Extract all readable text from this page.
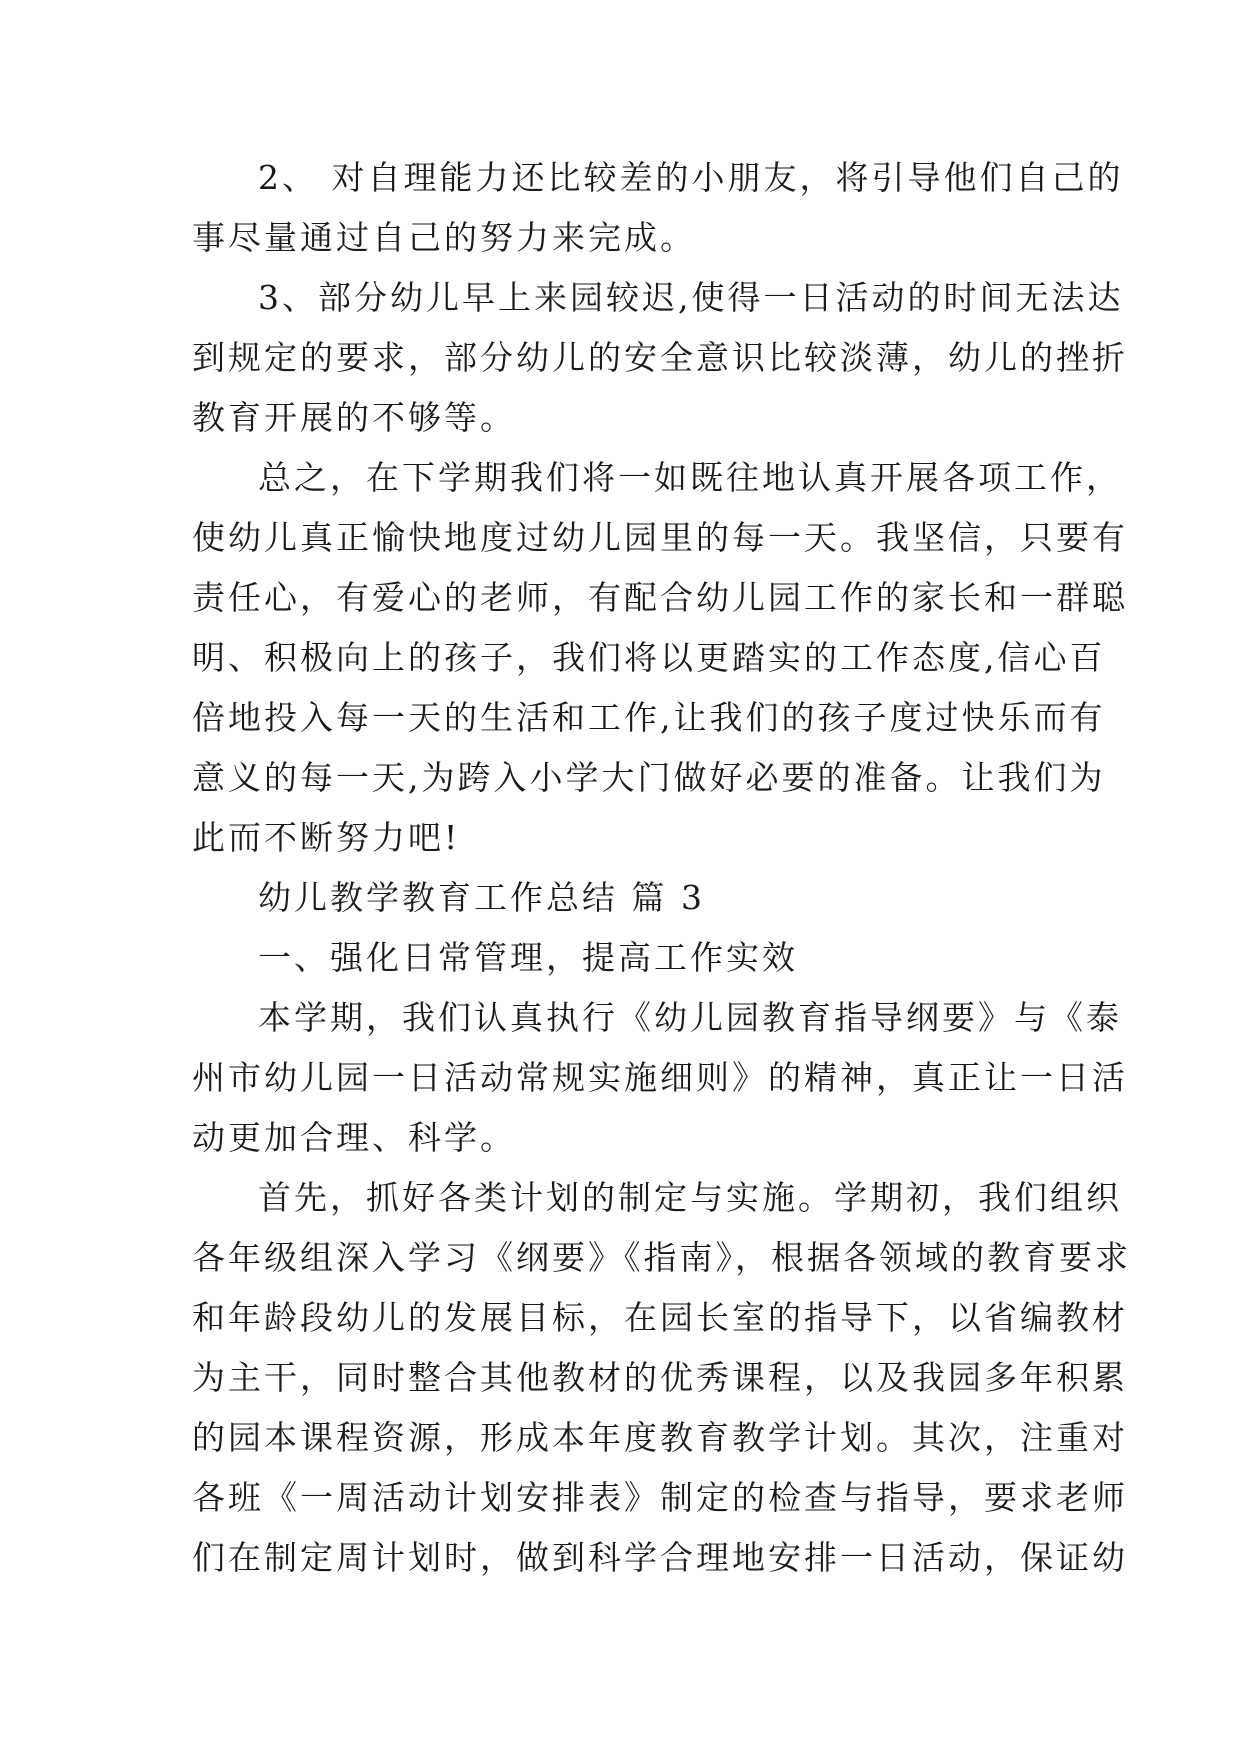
2、 对自理能力还比较差的小朋友，将引导他们自己的

事尽量通过自己的努力来完成。

3、部分幼儿早上来园较迟,使得一日活动的时间无法达

到规定的要求，部分幼儿的安全意识比较淡薄，幼儿的挫折

教育开展的不够等。

总之，在下学期我们将一如既往地认真开展各项工作，

使幼儿真正愉快地度过幼儿园里的每一天。我坚信，只要有

责任心，有爱心的老师，有配合幼儿园工作的家长和一群聪

明、积极向上的孩子，我们将以更踏实的工作态度,信心百

倍地投入每一天的生活和工作,让我们的孩子度过快乐而有

意义的每一天,为跨入小学大门做好必要的准备。让我们为

此而不断努力吧!

幼儿教学教育工作总结 篇 3

一、强化日常管理，提高工作实效

本学期，我们认真执行《幼儿园教育指导纲要》与《泰

州市幼儿园一日活动常规实施细则》的精神，真正让一日活

动更加合理、科学。

首先，抓好各类计划的制定与实施。学期初，我们组织

各年级组深入学习《纲要》《指南》，根据各领域的教育要求

和年龄段幼儿的发展目标，在园长室的指导下，以省编教材

为主干，同时整合其他教材的优秀课程，以及我园多年积累

的园本课程资源，形成本年度教育教学计划。其次，注重对

各班《一周活动计划安排表》制定的检查与指导，要求老师

们在制定周计划时，做到科学合理地安排一日活动，保证幼
